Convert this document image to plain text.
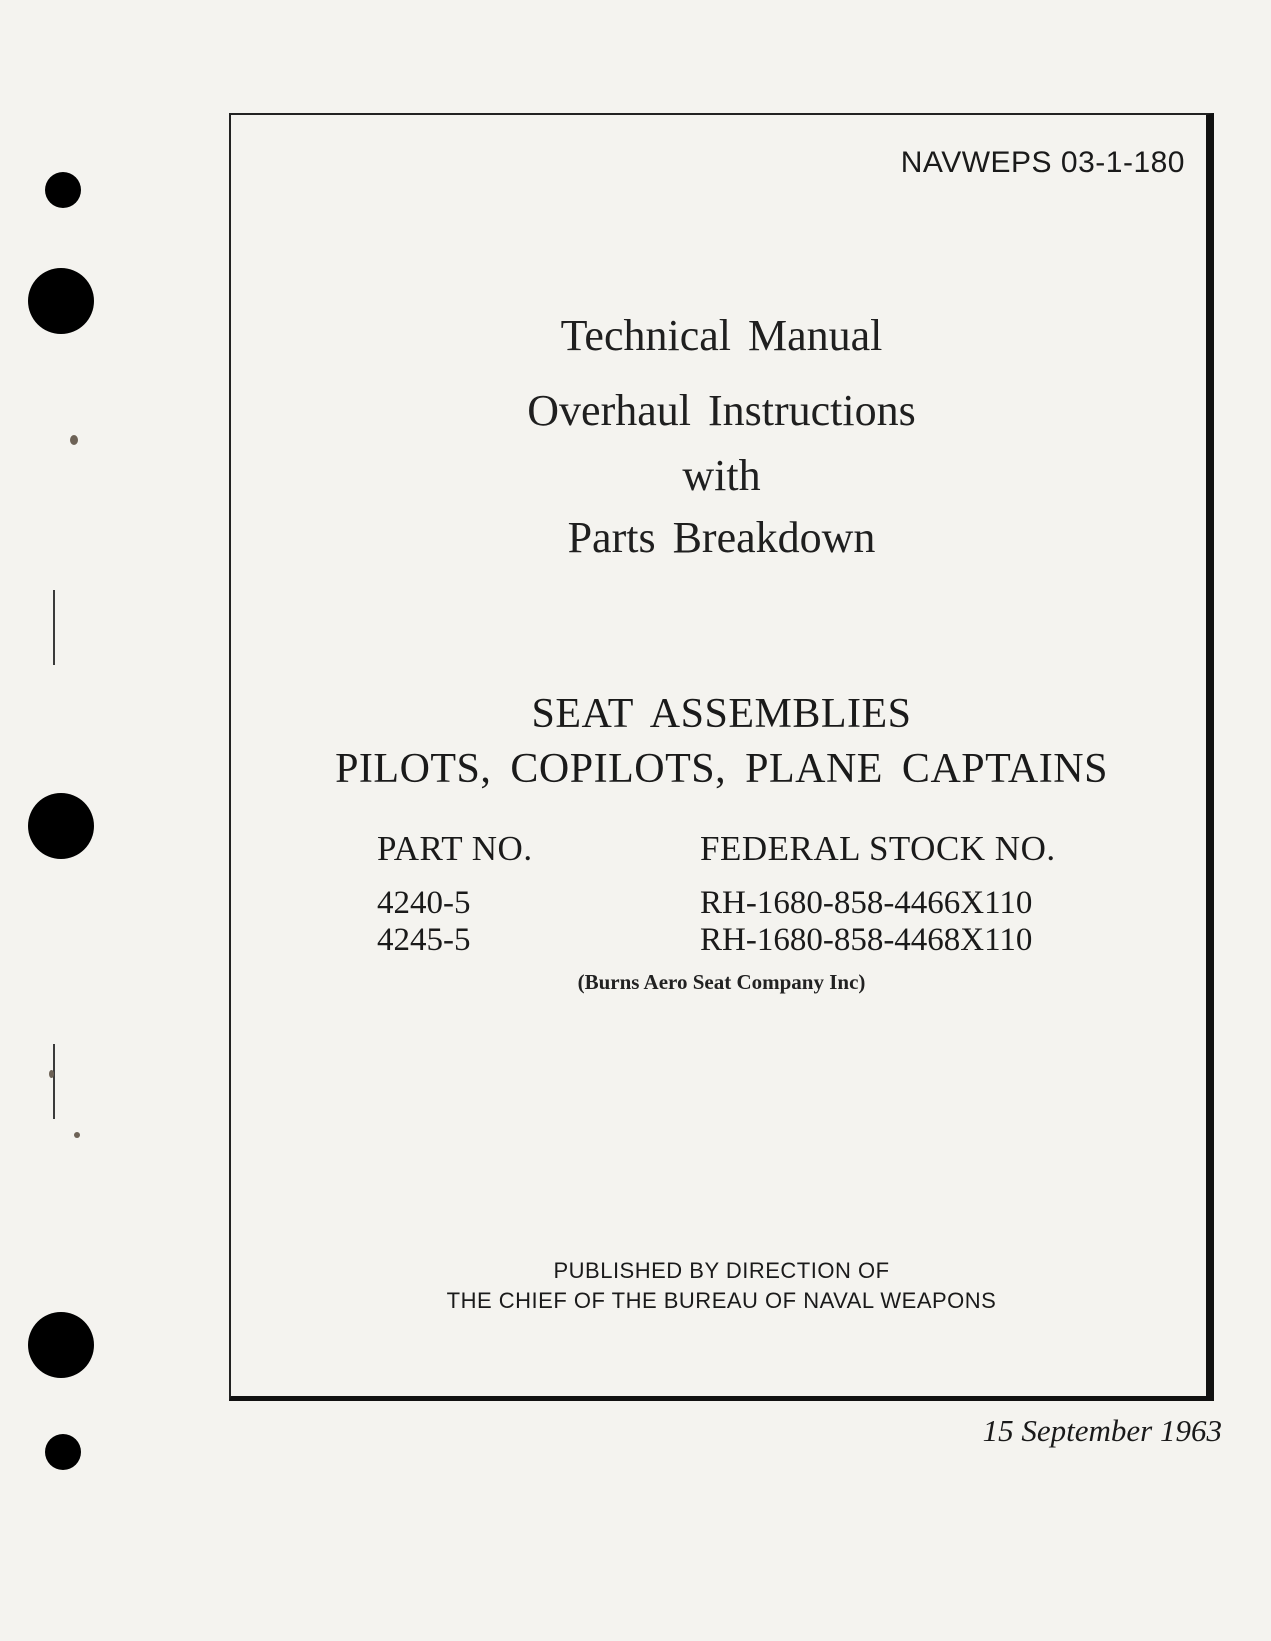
NAVWEPS 03-1-180
Technical Manual
Overhaul Instructions
with
Parts Breakdown
SEAT ASSEMBLIES
PILOTS, COPILOTS, PLANE CAPTAINS
PART NO.	FEDERAL STOCK NO.
4240-5	RH-1680-858-4466X110
4245-5	RH-1680-858-4468X110
(Burns Aero Seat Company Inc)
PUBLISHED BY DIRECTION OF
THE CHIEF OF THE BUREAU OF NAVAL WEAPONS
15 September 1963
